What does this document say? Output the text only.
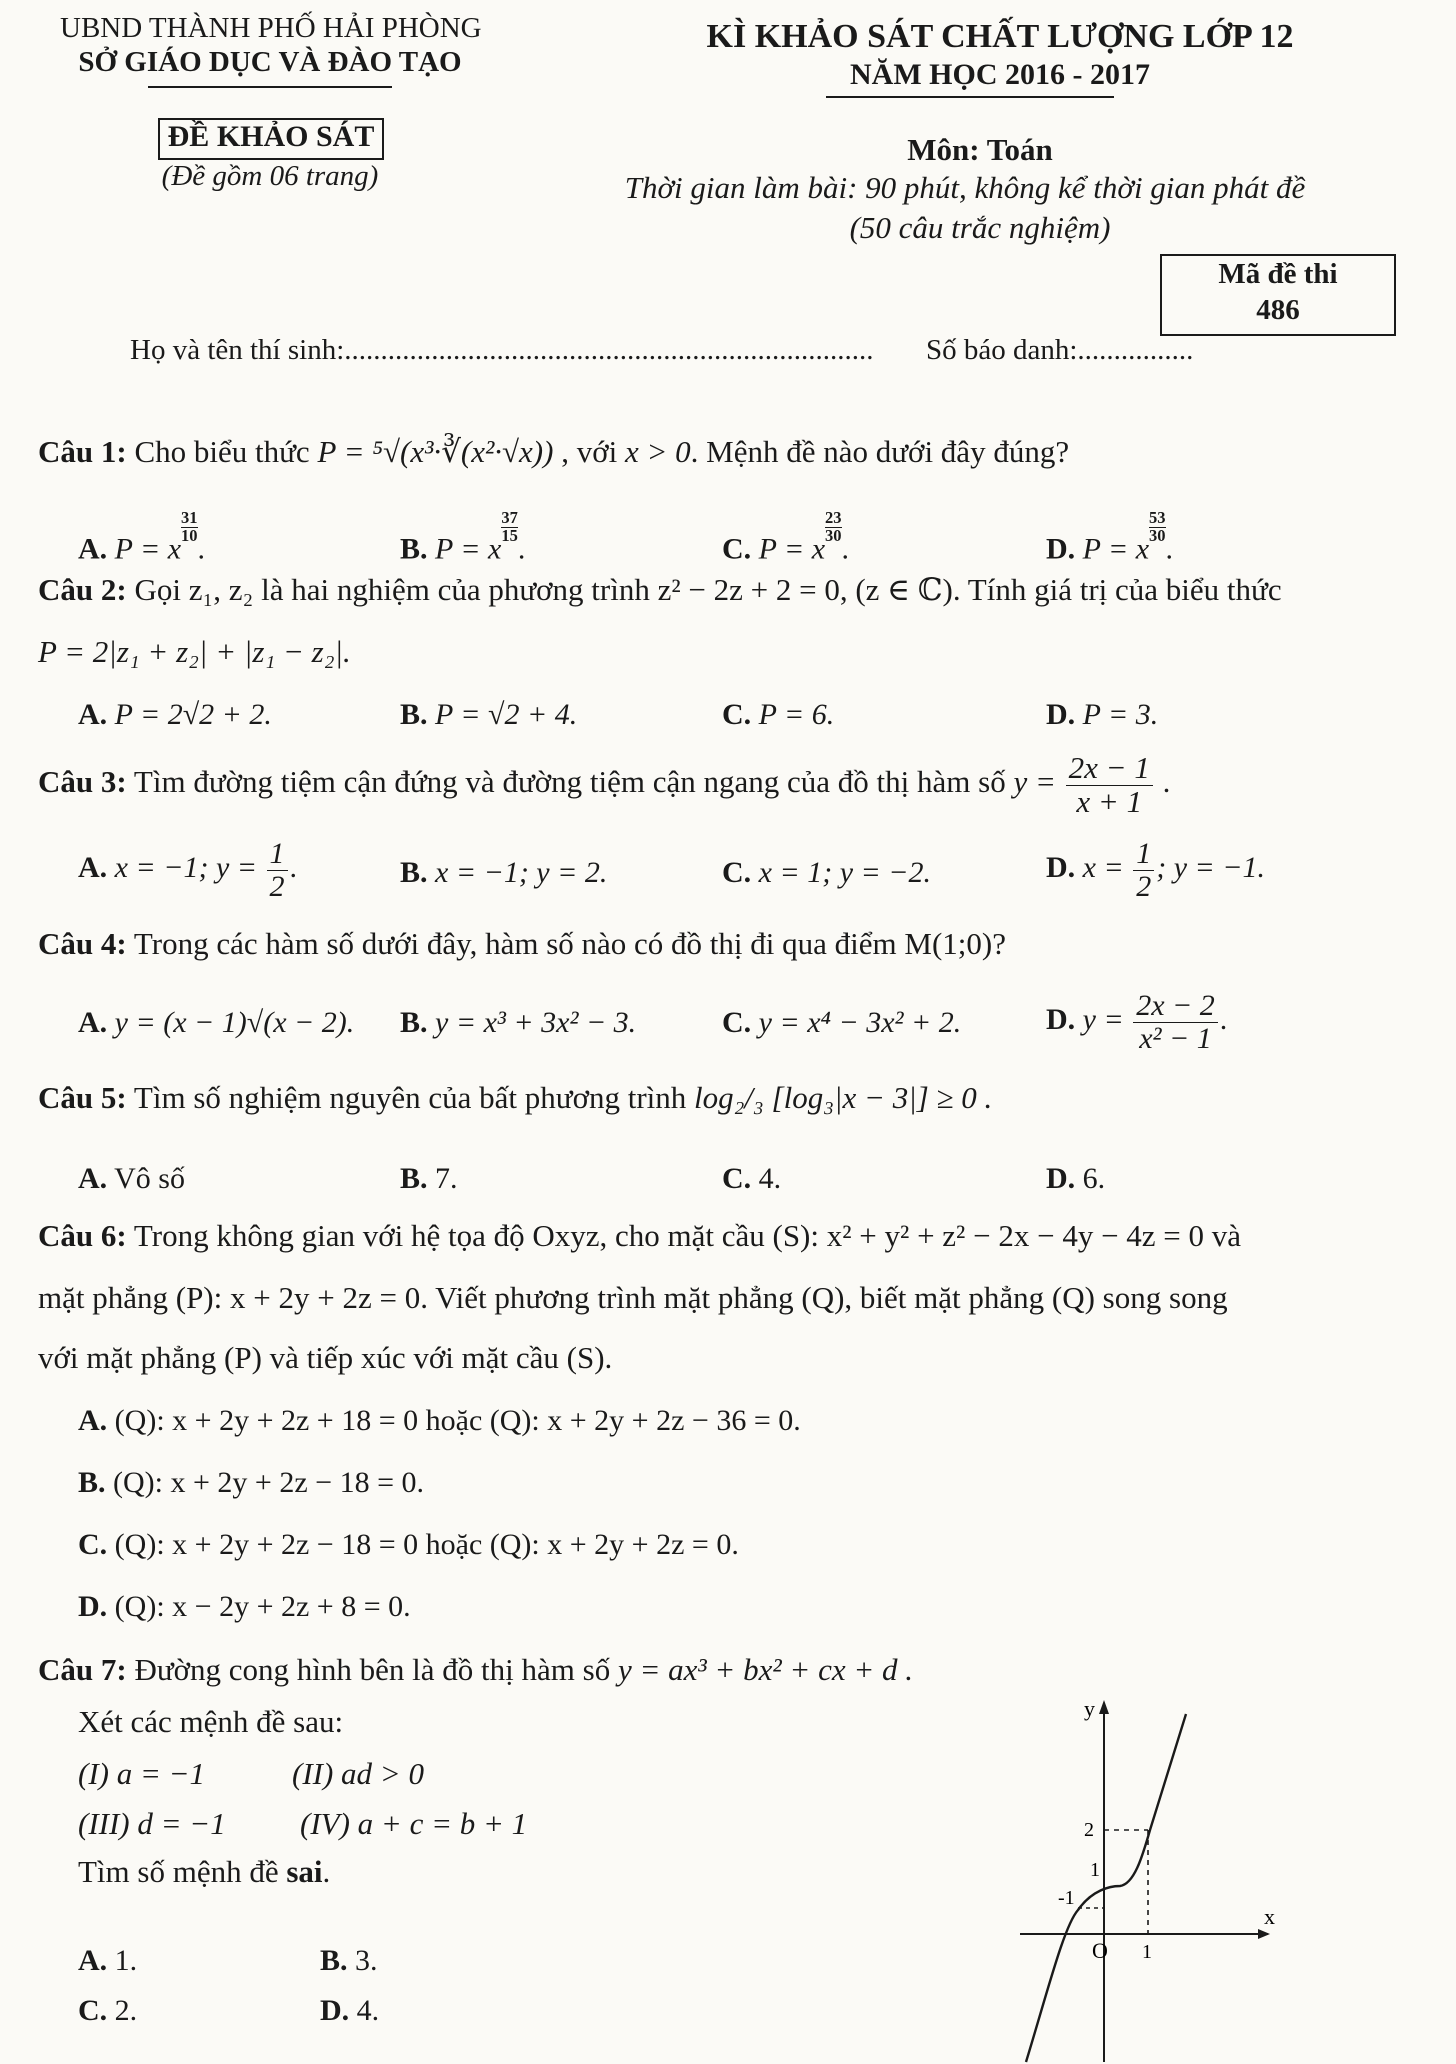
UBND THÀNH PHỐ HẢI PHÒNG
SỞ GIÁO DỤC VÀ ĐÀO TẠO
KÌ KHẢO SÁT CHẤT LƯỢNG LỚP 12
NĂM HỌC 2016 - 2017
ĐỀ KHẢO SÁT
(Đề gồm 06 trang)
Môn: Toán
Thời gian làm bài: 90 phút, không kể thời gian phát đề
(50 câu trắc nghiệm)
Mã đề thi
486
Họ và tên thí sinh:......................................................................... Số báo danh:................
Câu 1: Cho biểu thức P = ⁵√(x³·∛(x²·√x)) , với x > 0. Mệnh đề nào dưới đây đúng?
A. P = x
$\frac{31}{10}$.	B. P = x
$\frac{37}{15}$.	C. P = x
$\frac{23}{30}$.	D. P = x
$\frac{53}{30}$.
Câu 2: Gọi z₁, z₂ là hai nghiệm của phương trình z² − 2z + 2 = 0, (z ∈ ℂ). Tính giá trị của biểu thức
P = 2|z₁ + z₂| + |z₁ − z₂|.
A. P = 2√2 + 2.	B. P = √2 + 4.	C. P = 6.	D. P = 3.
Câu 3: Tìm đường tiệm cận đứng và đường tiệm cận ngang của đồ thị hàm số $y = \frac{2x - 1}{x + 1}$ .
A. x = −1; $y = \frac{1}{2}$ .	B. x = −1; y = 2.	C. x = 1; y = −2.	D. $x = \frac{1}{2}$ ; y = −1.
Câu 4: Trong các hàm số dưới đây, hàm số nào có đồ thị đi qua điểm M(1;0)?
A. y = (x − 1)√(x − 2). B. y = x³ + 3x² − 3.	C. y = x⁴ − 3x² + 2.	D. $y = \frac{2x - 2}{\text{x² − 1}}$ .
Câu 5: Tìm số nghiệm nguyên của bất phương trình log₂/₃ [log₃|x − 3|] ≥ 0 .
A. Vô số	B. 7.	C. 4.	D. 6.
Câu 6: Trong không gian với hệ tọa độ Oxyz, cho mặt cầu (S): x² + y² + z² − 2x − 4y − 4z = 0 và
mặt phẳng (P): x + 2y + 2z = 0. Viết phương trình mặt phẳng (Q), biết mặt phẳng (Q) song song
với mặt phẳng (P) và tiếp xúc với mặt cầu (S).
A. (Q): x + 2y + 2z + 18 = 0 hoặc (Q): x + 2y + 2z − 36 = 0.
B. (Q): x + 2y + 2z − 18 = 0.
C. (Q): x + 2y + 2z − 18 = 0 hoặc (Q): x + 2y + 2z = 0.
D. (Q): x − 2y + 2z + 8 = 0.
Câu 7: Đường cong hình bên là đồ thị hàm số y = ax³ + bx² + cx + d .
Xét các mệnh đề sau:
(I) a = −1	(II) ad > 0
(III) d = −1 (IV) a + c = b + 1
Tìm số mệnh đề sai.
A. 1.	B. 3.
C. 2.	D. 4.
y
x
O
-1
1
1
2
